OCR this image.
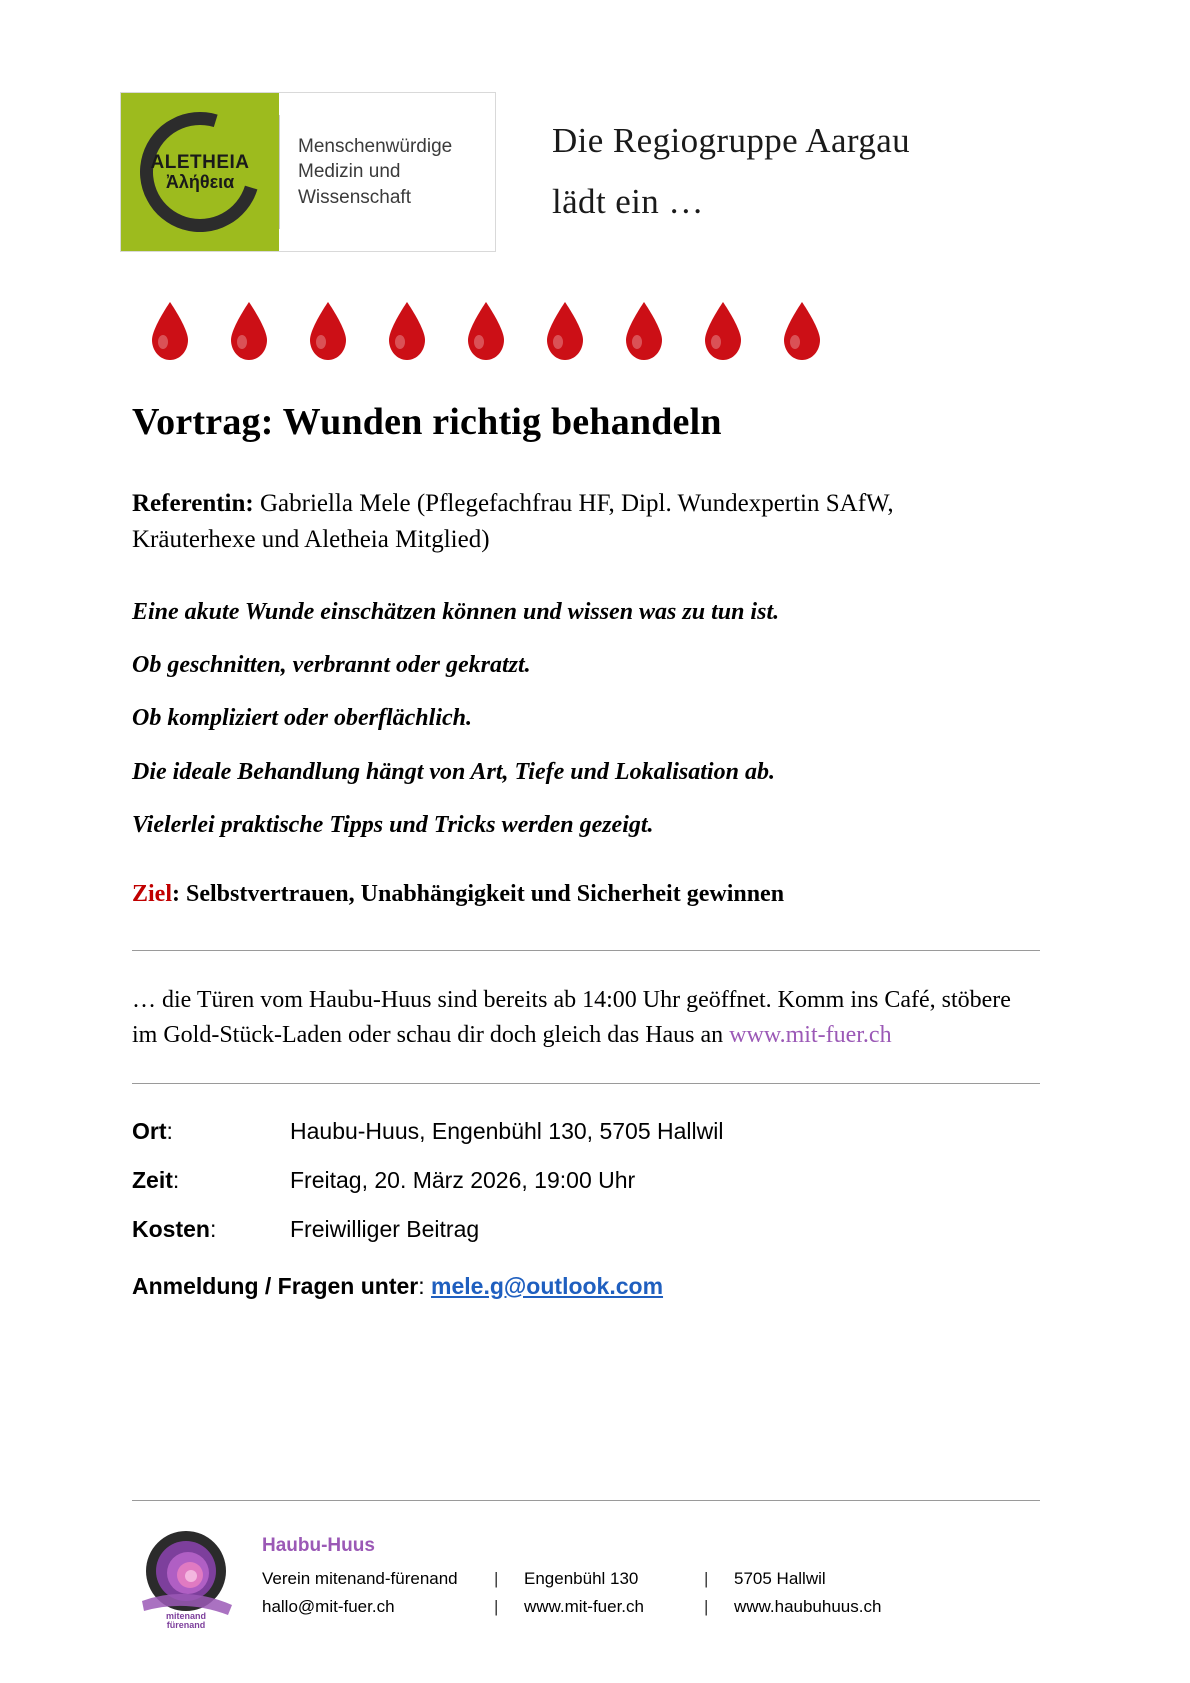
ALETHEIA
Ἀλήθεια
Menschenwürdige
Medizin und Wissenschaft
Die Regiogruppe Aargau
lädt ein …
Vortrag: Wunden richtig behandeln
Referentin: Gabriella Mele (Pflegefachfrau HF, Dipl. Wundexpertin SAfW, Kräuterhexe und Aletheia Mitglied)

Eine akute Wunde einschätzen können und wissen was zu tun ist.

Ob geschnitten, verbrannt oder gekratzt.

Ob kompliziert oder oberflächlich.

Die ideale Behandlung hängt von Art, Tiefe und Lokalisation ab.

Vielerlei praktische Tipps und Tricks werden gezeigt.

Ziel: Selbstvertrauen, Unabhängigkeit und Sicherheit gewinnen
… die Türen vom Haubu-Huus sind bereits ab 14:00 Uhr geöffnet. Komm ins Café, stöbere im Gold-Stück-Laden oder schau dir doch gleich das Haus an www.mit-fuer.ch
Ort:	Haubu-Huus, Engenbühl 130, 5705 Hallwil
Zeit:	Freitag, 20. März 2026, 19:00 Uhr
Kosten:	Freiwilliger Beitrag
Anmeldung / Fragen unter: mele.g@outlook.com
mitenand
fürenand
Haubu-Huus
Verein mitenand-fürenand	|	Engenbühl 130	|	5705 Hallwil
hallo@mit-fuer.ch	|	www.mit-fuer.ch	|	www.haubuhuus.ch
